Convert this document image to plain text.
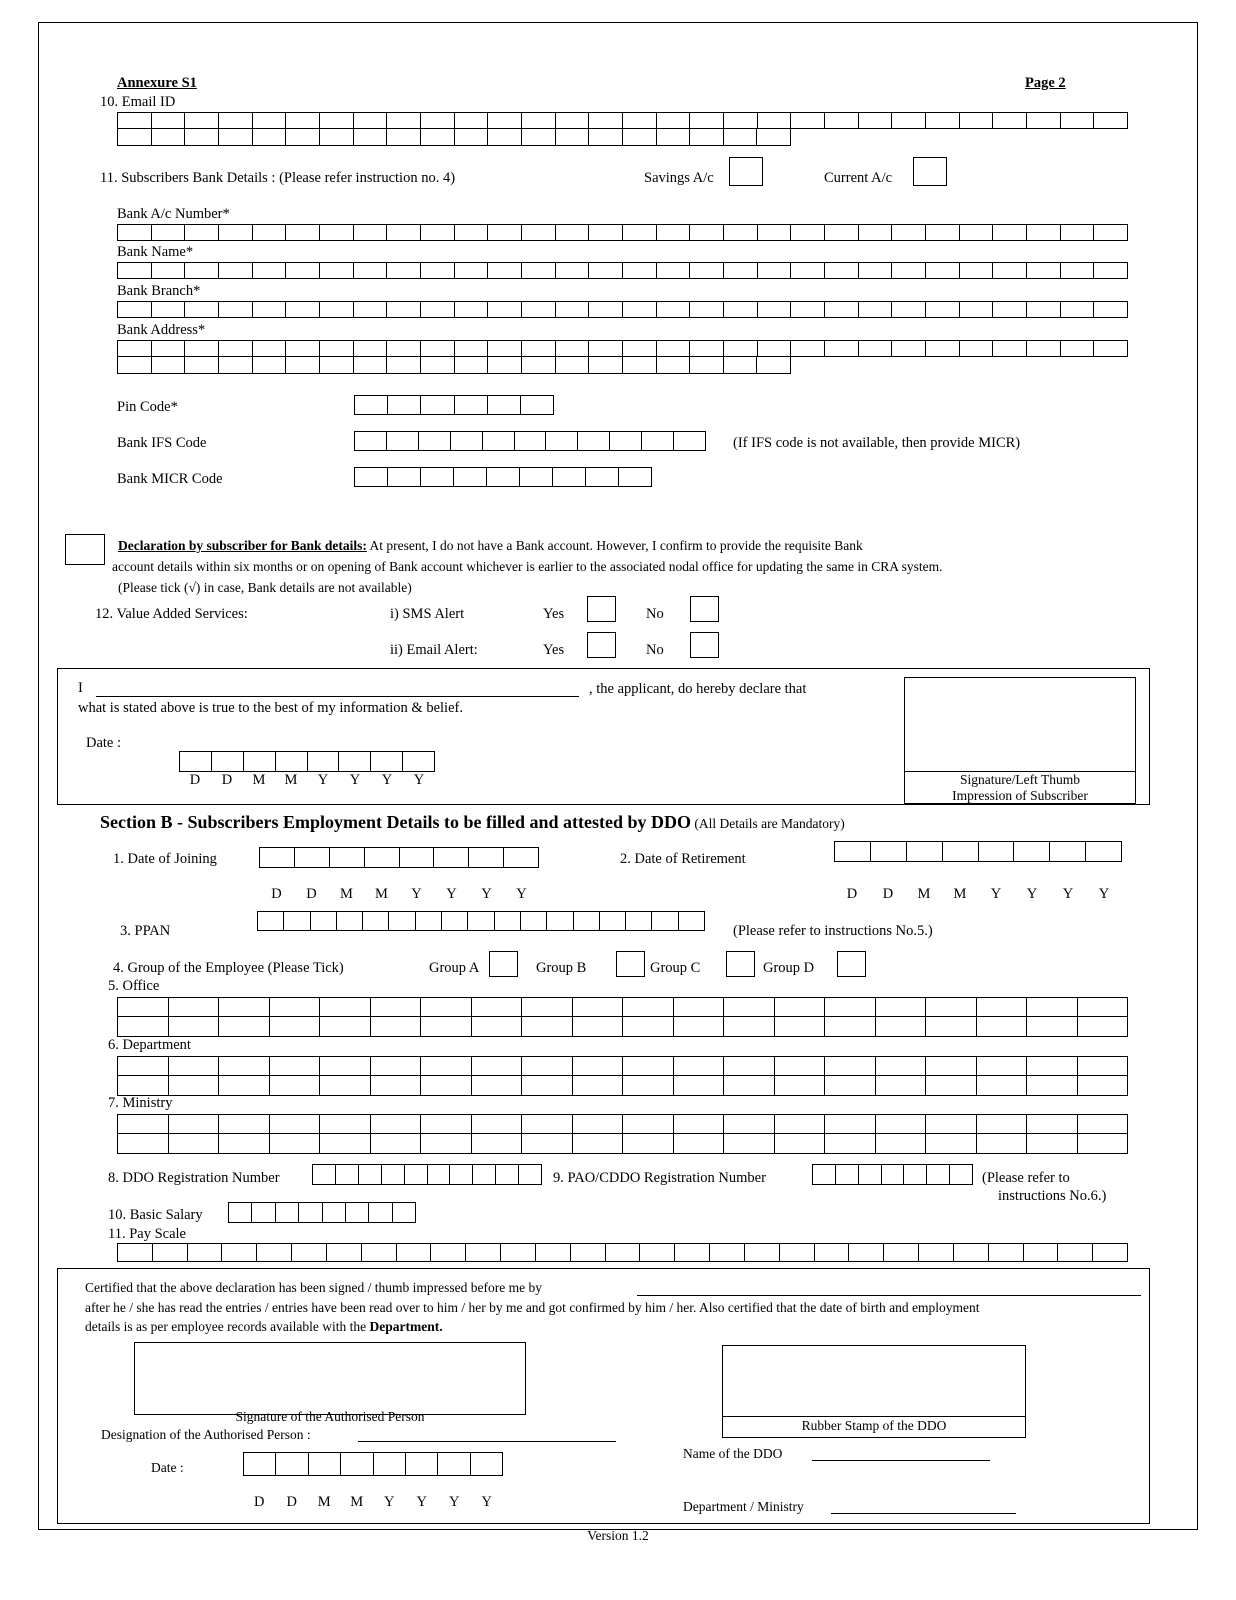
Annexure S1	Page 2
10. Email ID
11. Subscribers Bank Details : (Please refer instruction no. 4)	Savings A/c	Current A/c
Bank A/c Number*
Bank Name*
Bank Branch*
Bank Address*
Pin Code*
Bank IFS Code	(If IFS code is not available, then provide MICR)
Bank MICR Code
Declaration by subscriber for Bank details: At present, I do not have a Bank account. However, I confirm to provide the requisite Bank
account details within six months or on opening of Bank account whichever is earlier to the associated nodal office for updating the same in CRA system.
(Please tick (√) in case, Bank details are not available)
12. Value Added Services:	i) SMS Alert	Yes	No
ii) Email Alert:	Yes	No
I	, the applicant, do hereby declare that
what is stated above is true to the best of my information & belief.
Date :
D	D	M	M	Y	Y	Y	Y	Signature/Left Thumb
Impression of Subscriber
Section B - Subscribers Employment Details to be filled and attested by DDO (All Details are Mandatory)
1. Date of Joining
D	D	M	M	Y	Y	Y	Y
2. Date of Retirement
D	D	M	M	Y	Y	Y	Y
3. PPAN	(Please refer to instructions No.5.)
4. Group of the Employee (Please Tick)	Group A	Group B	Group C	Group D
5. Office
6. Department
7. Ministry
8. DDO Registration Number	9. PAO/CDDO Registration Number	(Please refer to
instructions No.6.)
10. Basic Salary
11. Pay Scale
Certified that the above declaration has been signed / thumb impressed before me by
after he / she has read the entries / entries have been read over to him / her by me and got confirmed by him / her. Also certified that the date of birth and employment
details is as per employee records available with the Department.
Signature of the Authorised Person
Designation of the Authorised Person :
Date :
D	D	M	M	Y	Y	Y	Y
Rubber Stamp of the DDO
Name of the DDO
Department / Ministry
Version 1.2
